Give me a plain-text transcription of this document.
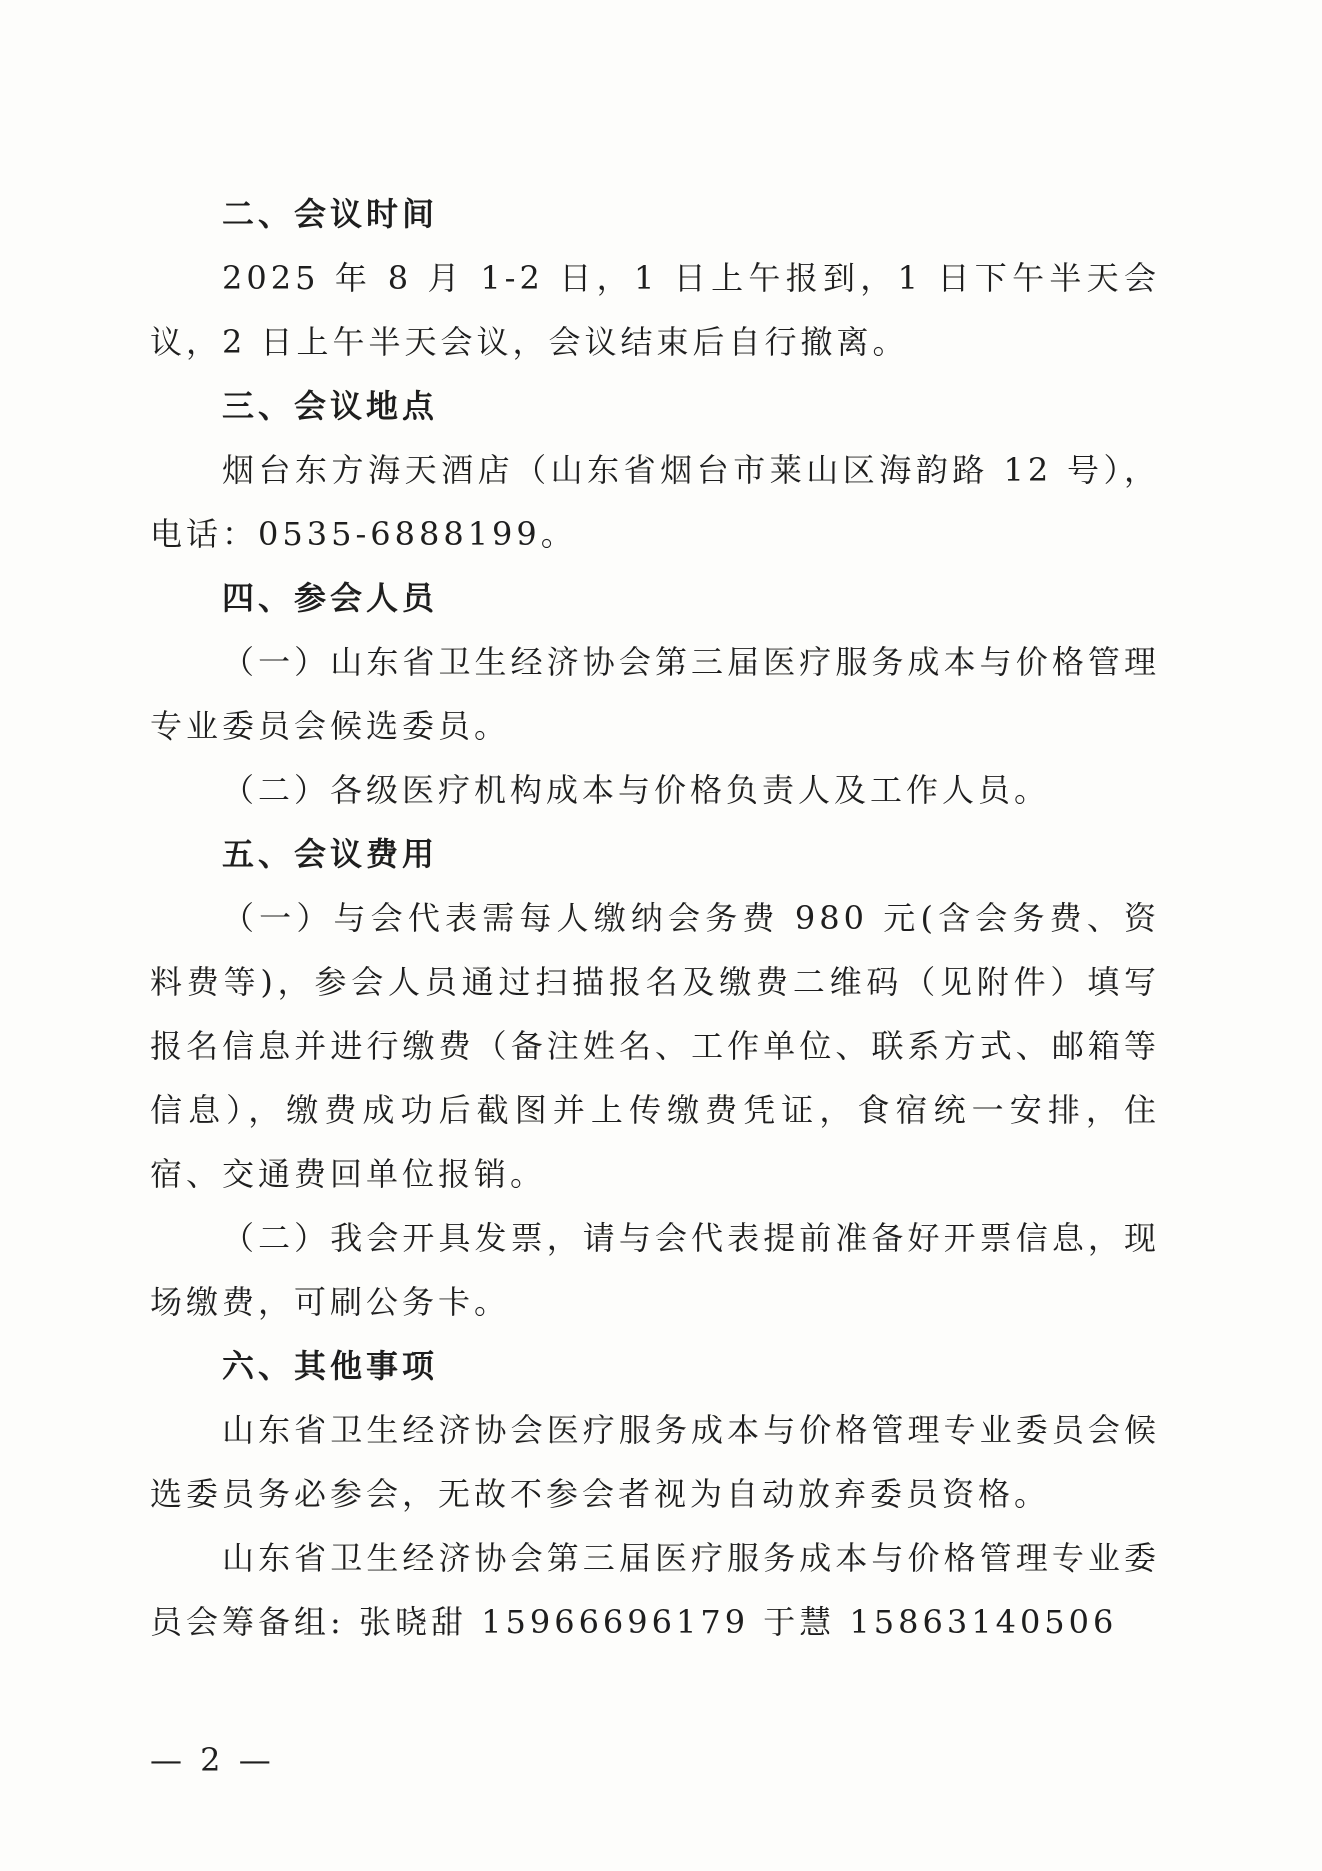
二、会议时间

2025 年 8 月 1-2 日，1 日上午报到，1 日下午半天会议，2 日上午半天会议，会议结束后自行撤离。

三、会议地点

烟台东方海天酒店（山东省烟台市莱山区海韵路 12 号），电话：0535-6888199。

四、参会人员

（一）山东省卫生经济协会第三届医疗服务成本与价格管理专业委员会候选委员。

（二）各级医疗机构成本与价格负责人及工作人员。

五、会议费用

（一）与会代表需每人缴纳会务费 980 元(含会务费、资料费等)，参会人员通过扫描报名及缴费二维码（见附件）填写报名信息并进行缴费（备注姓名、工作单位、联系方式、邮箱等信息），缴费成功后截图并上传缴费凭证，食宿统一安排，住宿、交通费回单位报销。

（二）我会开具发票，请与会代表提前准备好开票信息，现场缴费，可刷公务卡。

六、其他事项

山东省卫生经济协会医疗服务成本与价格管理专业委员会候选委员务必参会，无故不参会者视为自动放弃委员资格。

山东省卫生经济协会第三届医疗服务成本与价格管理专业委员会筹备组: 张晓甜 15966696179 于慧 15863140506

— 2 —
